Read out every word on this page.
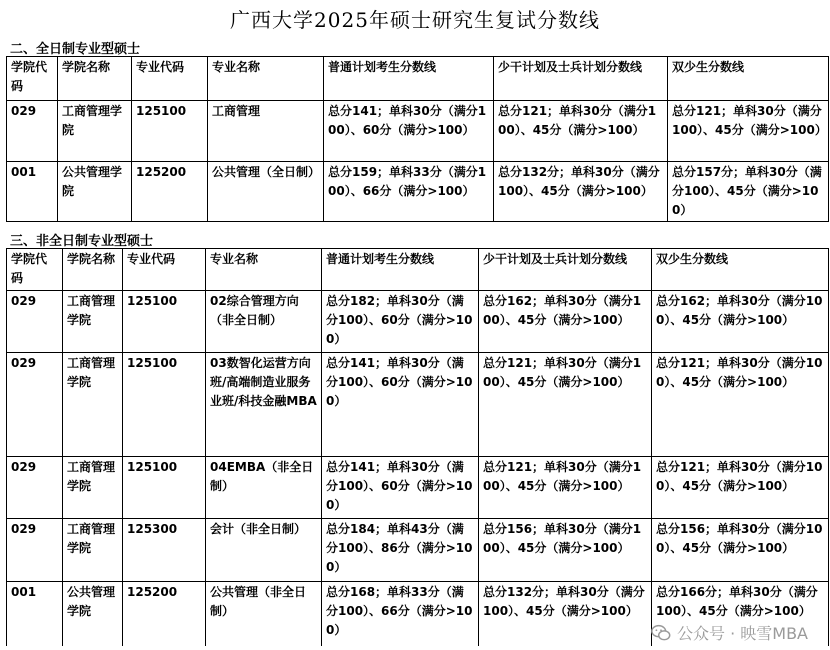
广西大学2025年硕士研究生复试分数线
二、全日制专业型硕士
学院代码	学院名称	专业代码	专业名称	普通计划考生分数线	少干计划及士兵计划分数线	双少生分数线
029	工商管理学院	125100	工商管理	总分141；单科30分（满分100）、60分（满分>100）	总分121；单科30分（满分100）、45分（满分>100）	总分121；单科30分（满分100）、45分（满分>100）
001	公共管理学院	125200	公共管理（全日制）	总分159；单科33分（满分100）、66分（满分>100）	总分132分；单科30分（满分100）、45分（满分>100）	总分157分；单科30分（满分100）、45分（满分>100）
三、非全日制专业型硕士
学院代码	学院名称	专业代码	专业名称	普通计划考生分数线	少干计划及士兵计划分数线	双少生分数线
029	工商管理学院	125100	02综合管理方向（非全日制）	总分182；单科30分（满分100）、60分（满分>100）	总分162；单科30分（满分100）、45分（满分>100）	总分162；单科30分（满分100）、45分（满分>100）
029	工商管理学院	125100	03数智化运营方向班/高端制造业服务业班/科技金融MBA	总分141；单科30分（满分100）、60分（满分>100）	总分121；单科30分（满分100）、45分（满分>100）	总分121；单科30分（满分100）、45分（满分>100）
029	工商管理学院	125100	04EMBA（非全日制）	总分141；单科30分（满分100）、60分（满分>100）	总分121；单科30分（满分100）、45分（满分>100）	总分121；单科30分（满分100）、45分（满分>100）
029	工商管理学院	125300	会计（非全日制）	总分184；单科43分（满分100）、86分（满分>100）	总分156；单科30分（满分100）、45分（满分>100）	总分156；单科30分（满分100）、45分（满分>100）
001	公共管理学院	125200	公共管理（非全日制）	总分168；单科33分（满分100）、66分（满分>100）	总分132分；单科30分（满分100）、45分（满分>100）	总分166分；单科30分（满分100）、45分（满分>100）
公众号 · 映雪MBA
